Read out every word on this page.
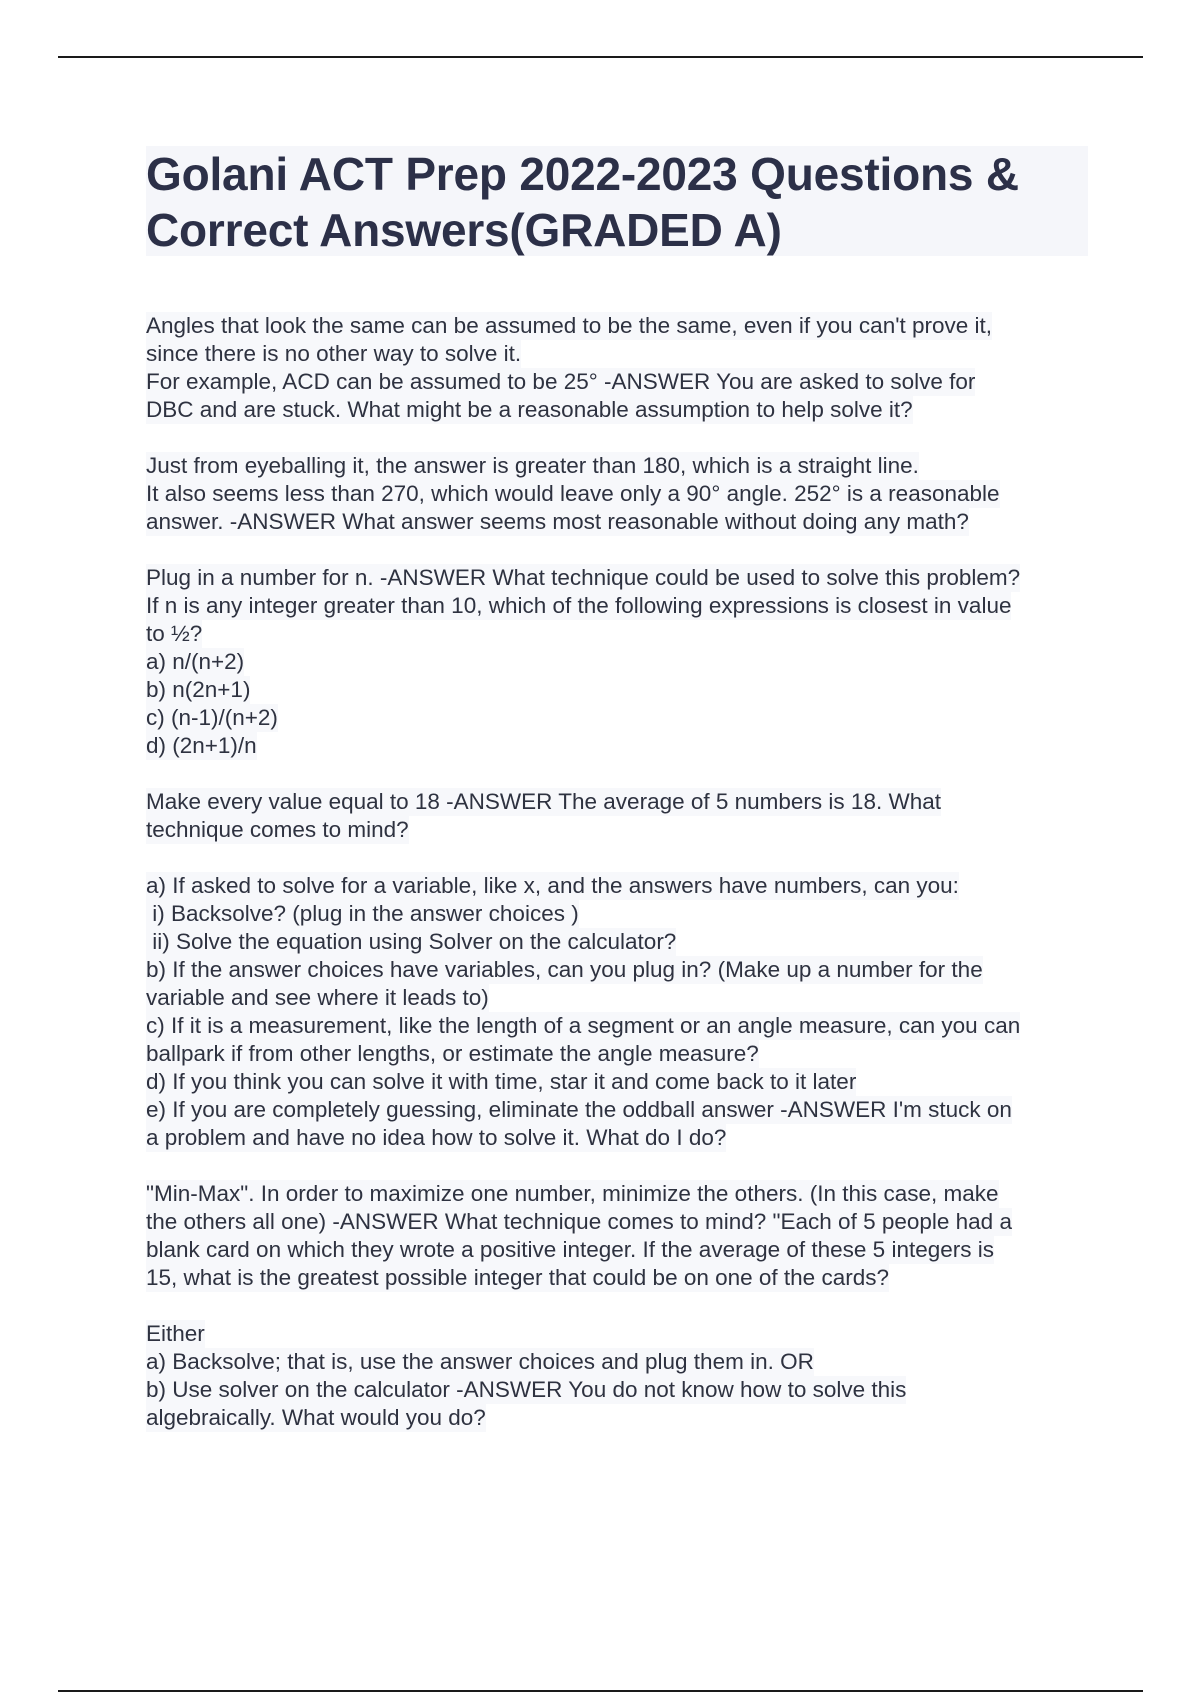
Golani ACT Prep 2022-2023 Questions &
Correct Answers(GRADED A)
Angles that look the same can be assumed to be the same, even if you can't prove it,
since there is no other way to solve it.
For example, ACD can be assumed to be 25° -ANSWER You are asked to solve for
DBC and are stuck. What might be a reasonable assumption to help solve it?
Just from eyeballing it, the answer is greater than 180, which is a straight line.
It also seems less than 270, which would leave only a 90° angle. 252° is a reasonable
answer. -ANSWER What answer seems most reasonable without doing any math?
Plug in a number for n. -ANSWER What technique could be used to solve this problem?
If n is any integer greater than 10, which of the following expressions is closest in value
to ½?
a) n/(n+2)
b) n(2n+1)
c) (n-1)/(n+2)
d) (2n+1)/n
Make every value equal to 18 -ANSWER The average of 5 numbers is 18. What
technique comes to mind?
a) If asked to solve for a variable, like x, and the answers have numbers, can you:
i) Backsolve? (plug in the answer choices )
ii) Solve the equation using Solver on the calculator?
b) If the answer choices have variables, can you plug in? (Make up a number for the
variable and see where it leads to)
c) If it is a measurement, like the length of a segment or an angle measure, can you can
ballpark if from other lengths, or estimate the angle measure?
d) If you think you can solve it with time, star it and come back to it later
e) If you are completely guessing, eliminate the oddball answer -ANSWER I'm stuck on
a problem and have no idea how to solve it. What do I do?
"Min-Max". In order to maximize one number, minimize the others. (In this case, make
the others all one) -ANSWER What technique comes to mind? "Each of 5 people had a
blank card on which they wrote a positive integer. If the average of these 5 integers is
15, what is the greatest possible integer that could be on one of the cards?
Either
a) Backsolve; that is, use the answer choices and plug them in. OR
b) Use solver on the calculator -ANSWER You do not know how to solve this
algebraically. What would you do?
